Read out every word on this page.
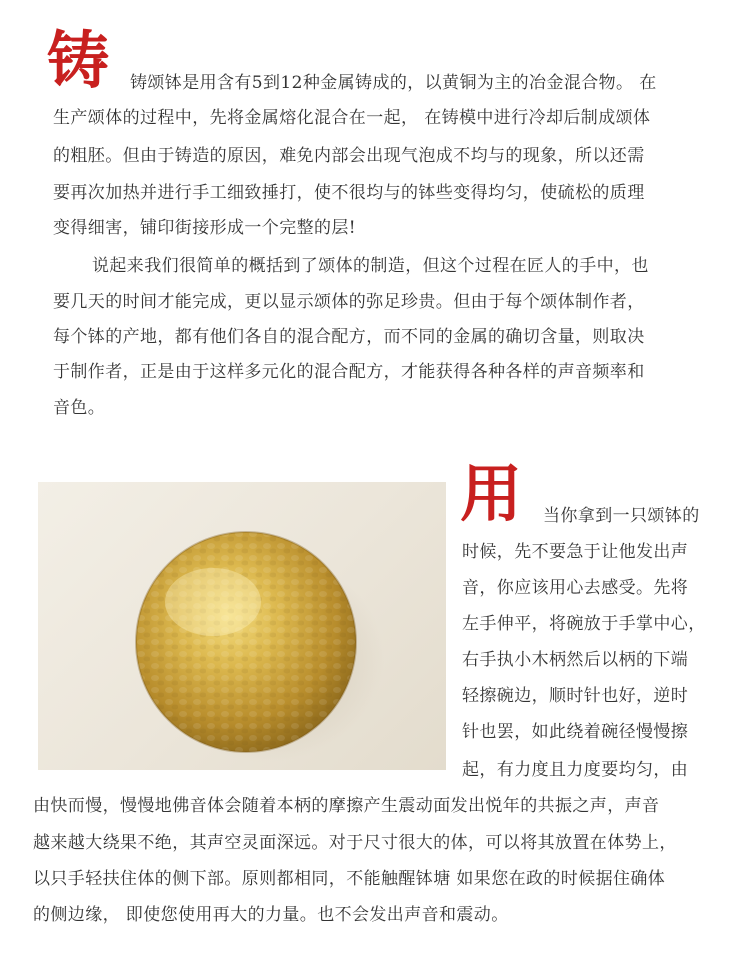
铸 铸颂钵是用含有5到12种金属铸成的，以黄铜为主的冶金混合物。 在
生产颂体的过程中，先将金属熔化混合在一起， 在铸模中进行冷却后制成颂体
的粗胚。但由于铸造的原因，难免内部会出现气泡成不均与的现象，所以还需
要再次加热并进行手工细致捶打，使不很均与的钵些变得均匀，使硫松的质理
变得细害，铺印街接形成一个完整的层!
说起来我们很简单的概括到了颂体的制造，但这个过程在匠人的手中，也
要几天的时间才能完成，更以显示颂体的弥足珍贵。但由于每个颂体制作者，
每个钵的产地，都有他们各自的混合配方，而不同的金属的确切含量，则取决
于制作者，正是由于这样多元化的混合配方，才能获得各种各样的声音频率和
音色。
用 当你拿到一只颂钵的
时候，先不要急于让他发出声
音，你应该用心去感受。先将
左手伸平，将碗放于手掌中心，
右手执小木柄然后以柄的下端
轻擦碗边，顺时针也好，逆时
针也罢，如此绕着碗径慢慢擦
起，有力度且力度要均匀，由
由快而慢，慢慢地佛音体会随着本柄的摩擦产生震动面发出悦年的共振之声，声音
越来越大绕果不绝，其声空灵面深远。对于尺寸很大的体，可以将其放置在体势上，
以只手轻扶住体的侧下部。原则都相同，不能触醒钵塘 如果您在政的时候据住确体
的侧边缘， 即使您使用再大的力量。也不会发出声音和震动。
